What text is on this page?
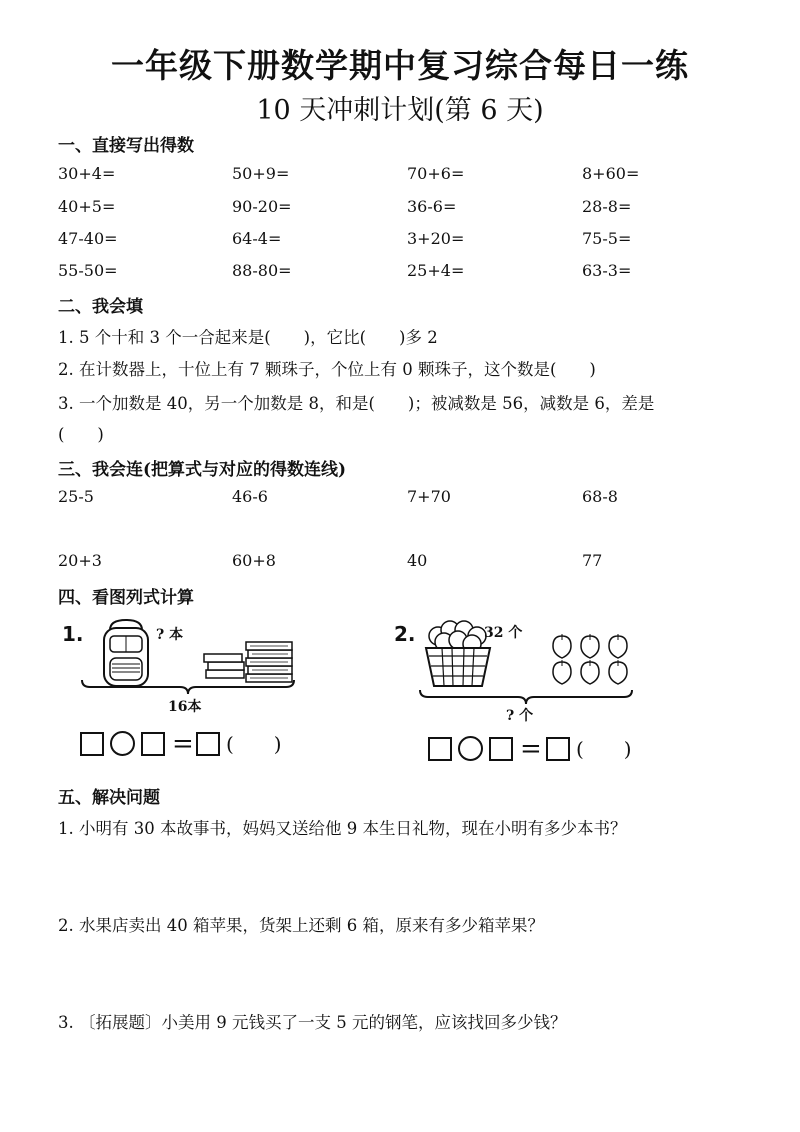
一年级下册数学期中复习综合每日一练
10 天冲刺计划(第 6 天)
一、直接写出得数
30+4=	50+9=	70+6=	8+60=
40+5=	90-20=	36-6=	28-8=
47-40=	64-4=	3+20=	75-5=
55-50=	88-80=	25+4=	63-3=
二、我会填
1. 5 个十和 3 个一合起来是(　　)，它比(　　)多 2
2. 在计数器上，十位上有 7 颗珠子，个位上有 0 颗珠子，这个数是(　　)
3. 一个加数是 40，另一个加数是 8，和是(　　)；被减数是 56，减数是 6，差是
(　　)
三、我会连(把算式与对应的得数连线)
25-5	46-6	7+70	68-8
20+3	60+8	40	77
四、看图列式计算
1.	? 本
16本
= (　　)
2.	32 个
? 个
= (　　)
五、解决问题
1. 小明有 30 本故事书，妈妈又送给他 9 本生日礼物，现在小明有多少本书？
2. 水果店卖出 40 箱苹果，货架上还剩 6 箱，原来有多少箱苹果？
3. 〔拓展题〕小美用 9 元钱买了一支 5 元的钢笔，应该找回多少钱？
